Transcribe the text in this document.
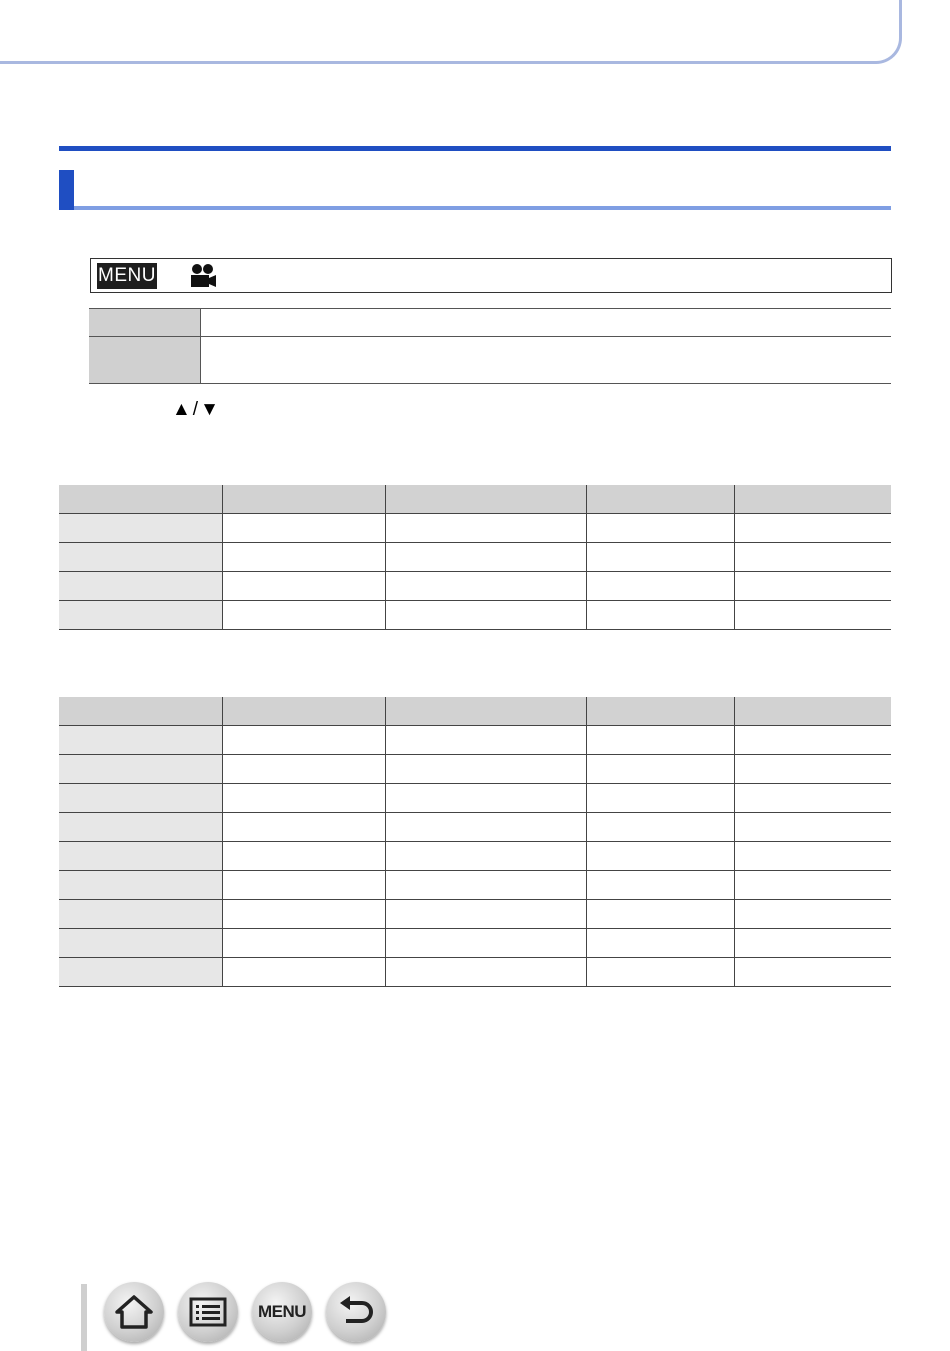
MENU

▲/▼

MENU
